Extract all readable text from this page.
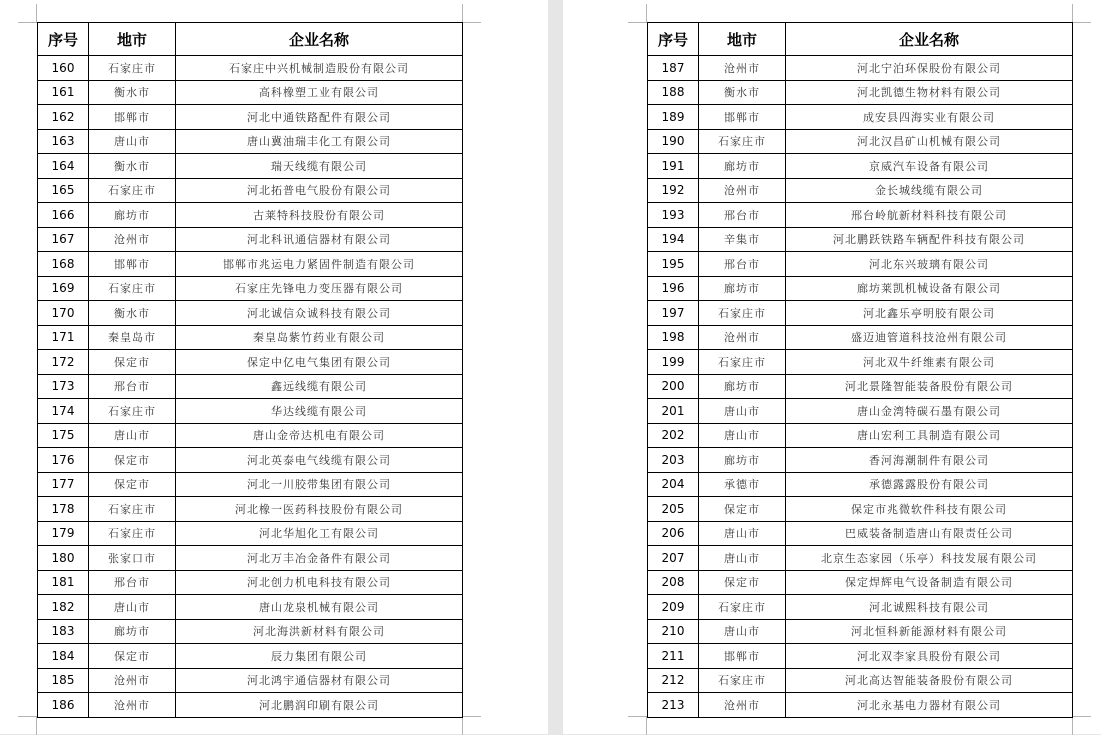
序号	地市	企业名称
160	石家庄市	石家庄中兴机械制造股份有限公司
161	衡水市	高科橡塑工业有限公司
162	邯郸市	河北中通铁路配件有限公司
163	唐山市	唐山冀油瑞丰化工有限公司
164	衡水市	瑞天线缆有限公司
165	石家庄市	河北拓普电气股份有限公司
166	廊坊市	古莱特科技股份有限公司
167	沧州市	河北科讯通信器材有限公司
168	邯郸市	邯郸市兆运电力紧固件制造有限公司
169	石家庄市	石家庄先锋电力变压器有限公司
170	衡水市	河北诚信众诚科技有限公司
171	秦皇岛市	秦皇岛紫竹药业有限公司
172	保定市	保定中亿电气集团有限公司
173	邢台市	鑫远线缆有限公司
174	石家庄市	华达线缆有限公司
175	唐山市	唐山金帝达机电有限公司
176	保定市	河北英泰电气线缆有限公司
177	保定市	河北一川胶带集团有限公司
178	石家庄市	河北橡一医药科技股份有限公司
179	石家庄市	河北华旭化工有限公司
180	张家口市	河北万丰冶金备件有限公司
181	邢台市	河北创力机电科技有限公司
182	唐山市	唐山龙泉机械有限公司
183	廊坊市	河北海洪新材料有限公司
184	保定市	辰力集团有限公司
185	沧州市	河北鸿宇通信器材有限公司
186	沧州市	河北鹏润印刷有限公司
序号	地市	企业名称
187	沧州市	河北宁泊环保股份有限公司
188	衡水市	河北凯德生物材料有限公司
189	邯郸市	成安县四海实业有限公司
190	石家庄市	河北汉昌矿山机械有限公司
191	廊坊市	京威汽车设备有限公司
192	沧州市	金长城线缆有限公司
193	邢台市	邢台岭航新材料科技有限公司
194	辛集市	河北鹏跃铁路车辆配件科技有限公司
195	邢台市	河北东兴玻璃有限公司
196	廊坊市	廊坊莱凯机械设备有限公司
197	石家庄市	河北鑫乐亭明胶有限公司
198	沧州市	盛迈迪管道科技沧州有限公司
199	石家庄市	河北双牛纤维素有限公司
200	廊坊市	河北景隆智能装备股份有限公司
201	唐山市	唐山金湾特碳石墨有限公司
202	唐山市	唐山宏利工具制造有限公司
203	廊坊市	香河海潮制件有限公司
204	承德市	承德露露股份有限公司
205	保定市	保定市兆微软件科技有限公司
206	唐山市	巴威装备制造唐山有限责任公司
207	唐山市	北京生态家园（乐亭）科技发展有限公司
208	保定市	保定焊辉电气设备制造有限公司
209	石家庄市	河北诚熙科技有限公司
210	唐山市	河北恒科新能源材料有限公司
211	邯郸市	河北双李家具股份有限公司
212	石家庄市	河北高达智能装备股份有限公司
213	沧州市	河北永基电力器材有限公司
